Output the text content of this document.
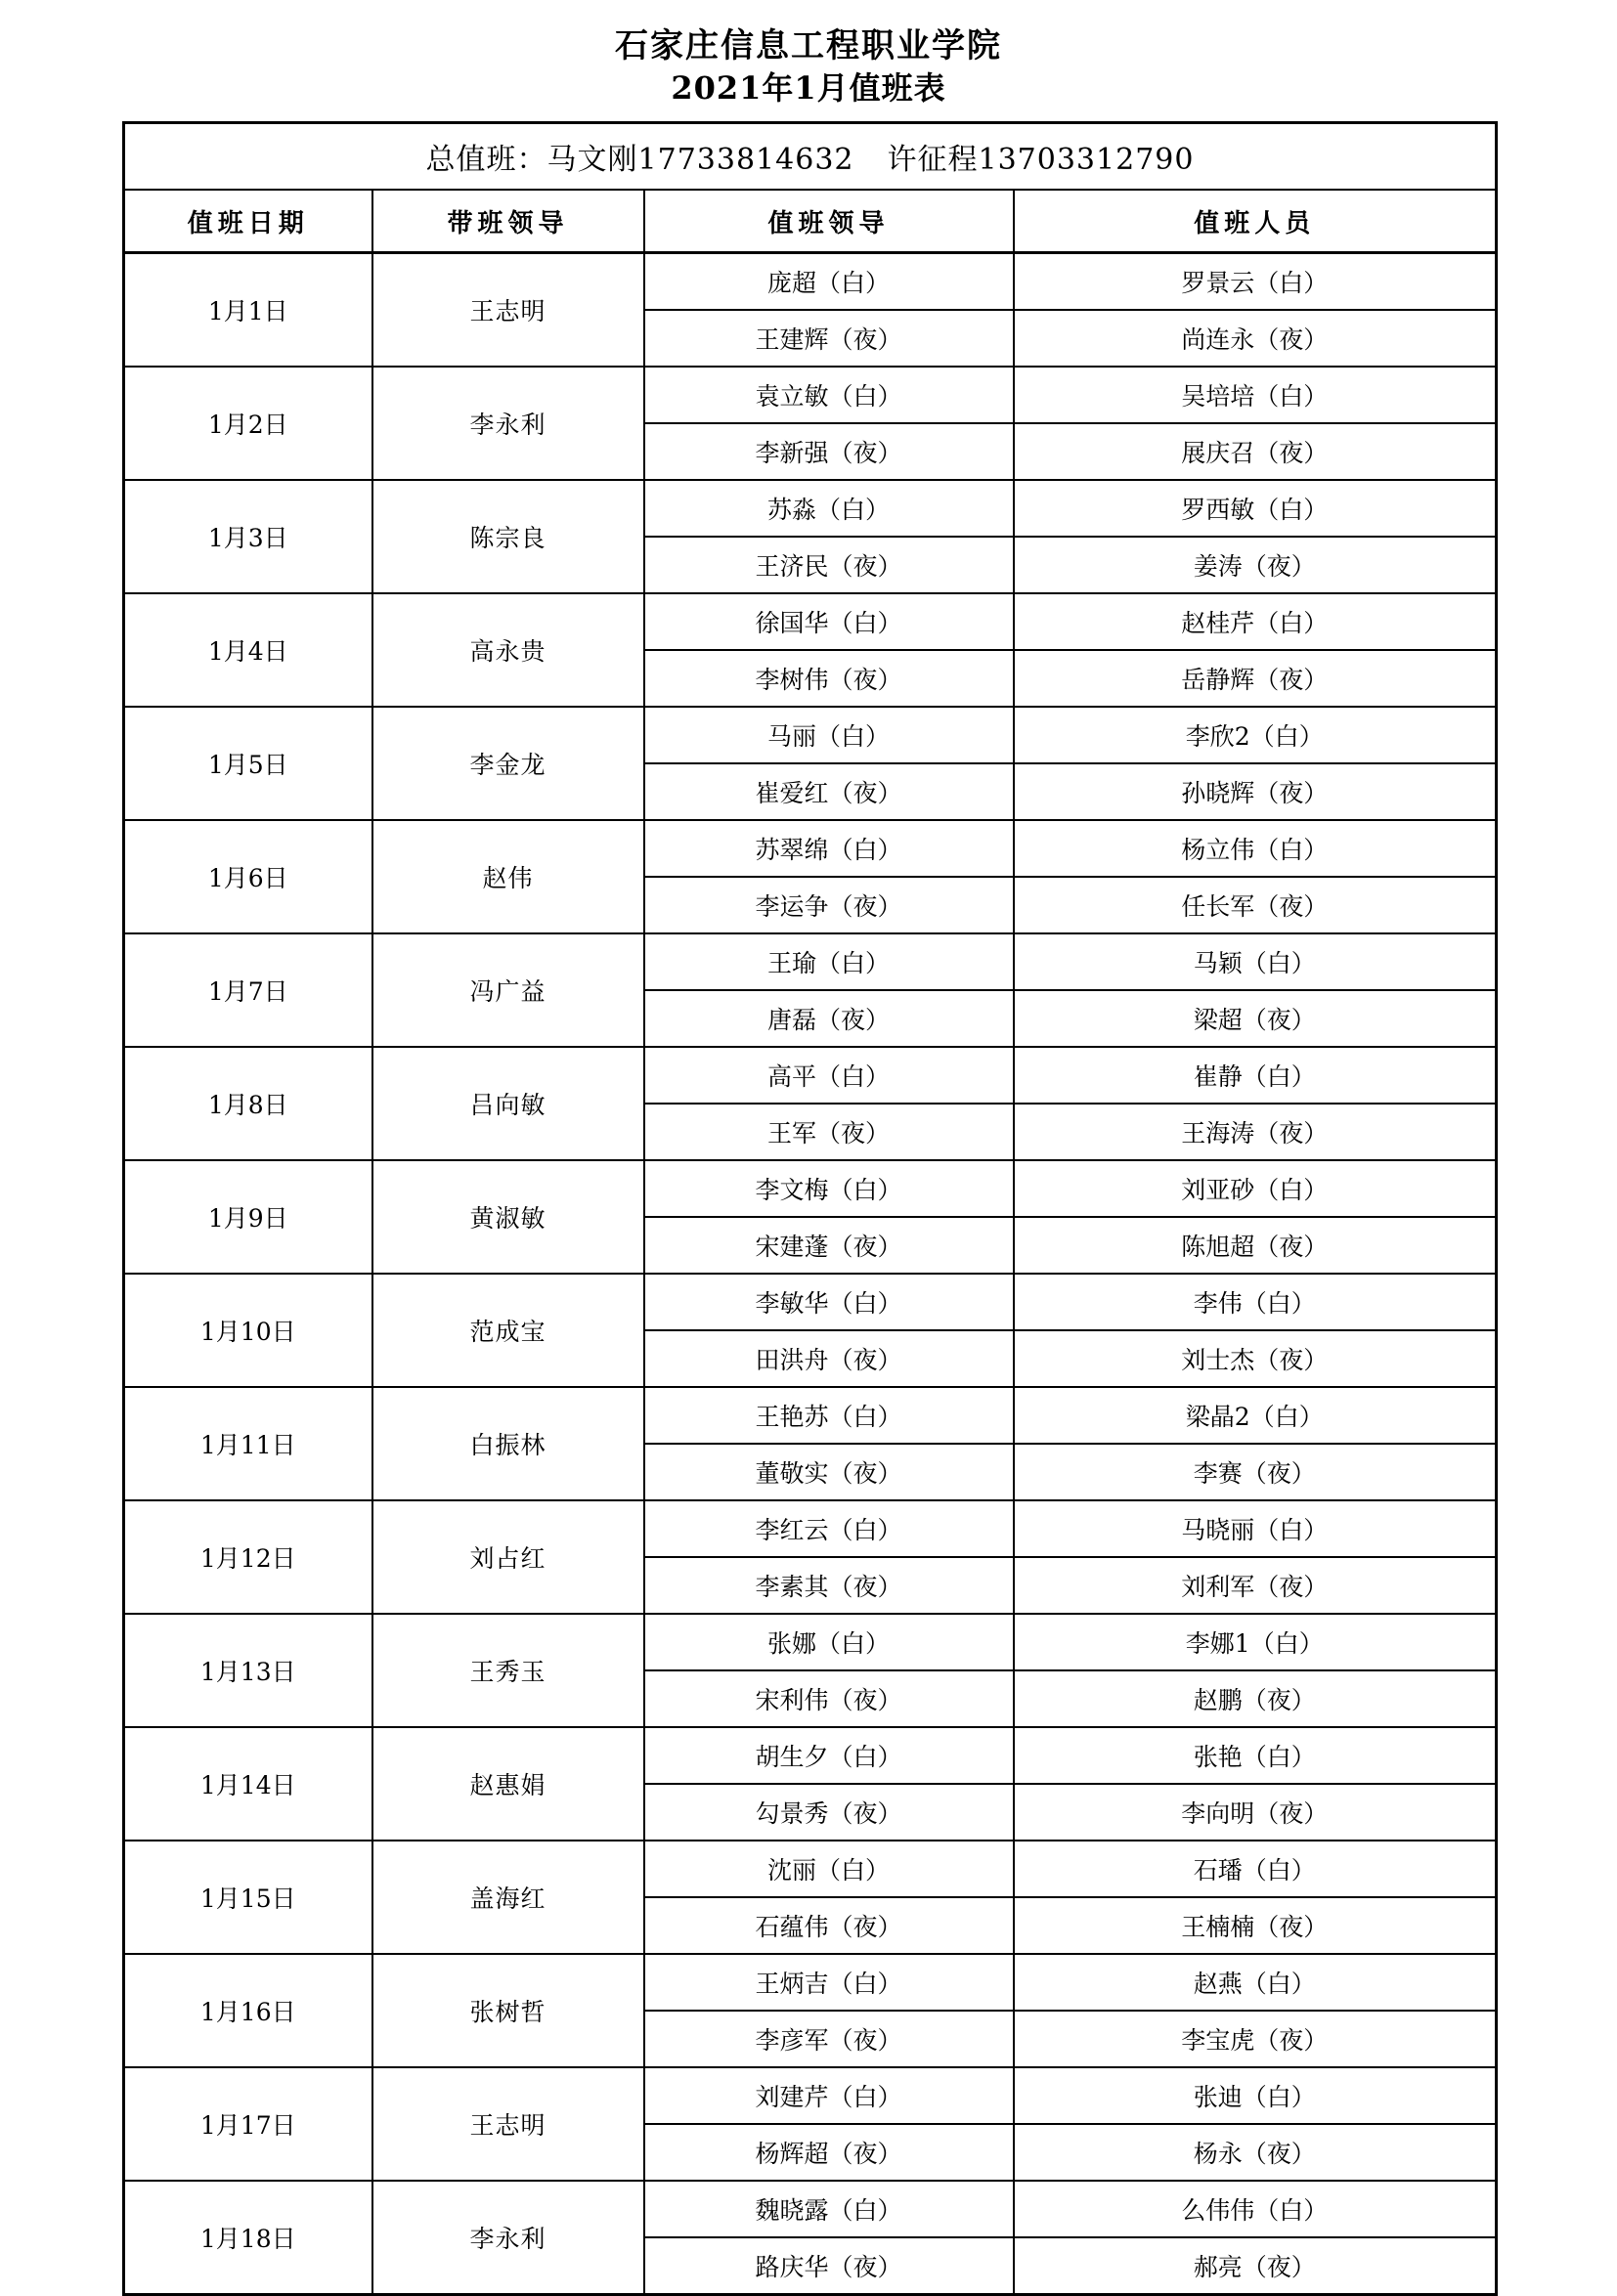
石家庄信息工程职业学院
2021年1月值班表
总值班：马文刚17733814632 许征程13703312790			
值班日期	带班领导	值班领导	值班人员
1月1日	王志明	庞超（白）	罗景云（白）
		王建辉（夜）	尚连永（夜）
1月2日	李永利	袁立敏（白）	吴培培（白）
		李新强（夜）	展庆召（夜）
1月3日	陈宗良	苏淼（白）	罗西敏（白）
		王济民（夜）	姜涛（夜）
1月4日	高永贵	徐国华（白）	赵桂芹（白）
		李树伟（夜）	岳静辉（夜）
1月5日	李金龙	马丽（白）	李欣2（白）
		崔爱红（夜）	孙晓辉（夜）
1月6日	赵伟	苏翠绵（白）	杨立伟（白）
		李运争（夜）	任长军（夜）
1月7日	冯广益	王瑜（白）	马颖（白）
		唐磊（夜）	梁超（夜）
1月8日	吕向敏	高平（白）	崔静（白）
		王军（夜）	王海涛（夜）
1月9日	黄淑敏	李文梅（白）	刘亚砂（白）
		宋建蓬（夜）	陈旭超（夜）
1月10日	范成宝	李敏华（白）	李伟（白）
		田洪舟（夜）	刘士杰（夜）
1月11日	白振林	王艳苏（白）	梁晶2（白）
		董敬实（夜）	李赛（夜）
1月12日	刘占红	李红云（白）	马晓丽（白）
		李素其（夜）	刘利军（夜）
1月13日	王秀玉	张娜（白）	李娜1（白）
		宋利伟（夜）	赵鹏（夜）
1月14日	赵惠娟	胡生夕（白）	张艳（白）
		勾景秀（夜）	李向明（夜）
1月15日	盖海红	沈丽（白）	石璠（白）
		石蕴伟（夜）	王楠楠（夜）
1月16日	张树哲	王炳吉（白）	赵燕（白）
		李彦军（夜）	李宝虎（夜）
1月17日	王志明	刘建芹（白）	张迪（白）
		杨辉超（夜）	杨永（夜）
1月18日	李永利	魏晓露（白）	么伟伟（白）
		路庆华（夜）	郝亮（夜）
